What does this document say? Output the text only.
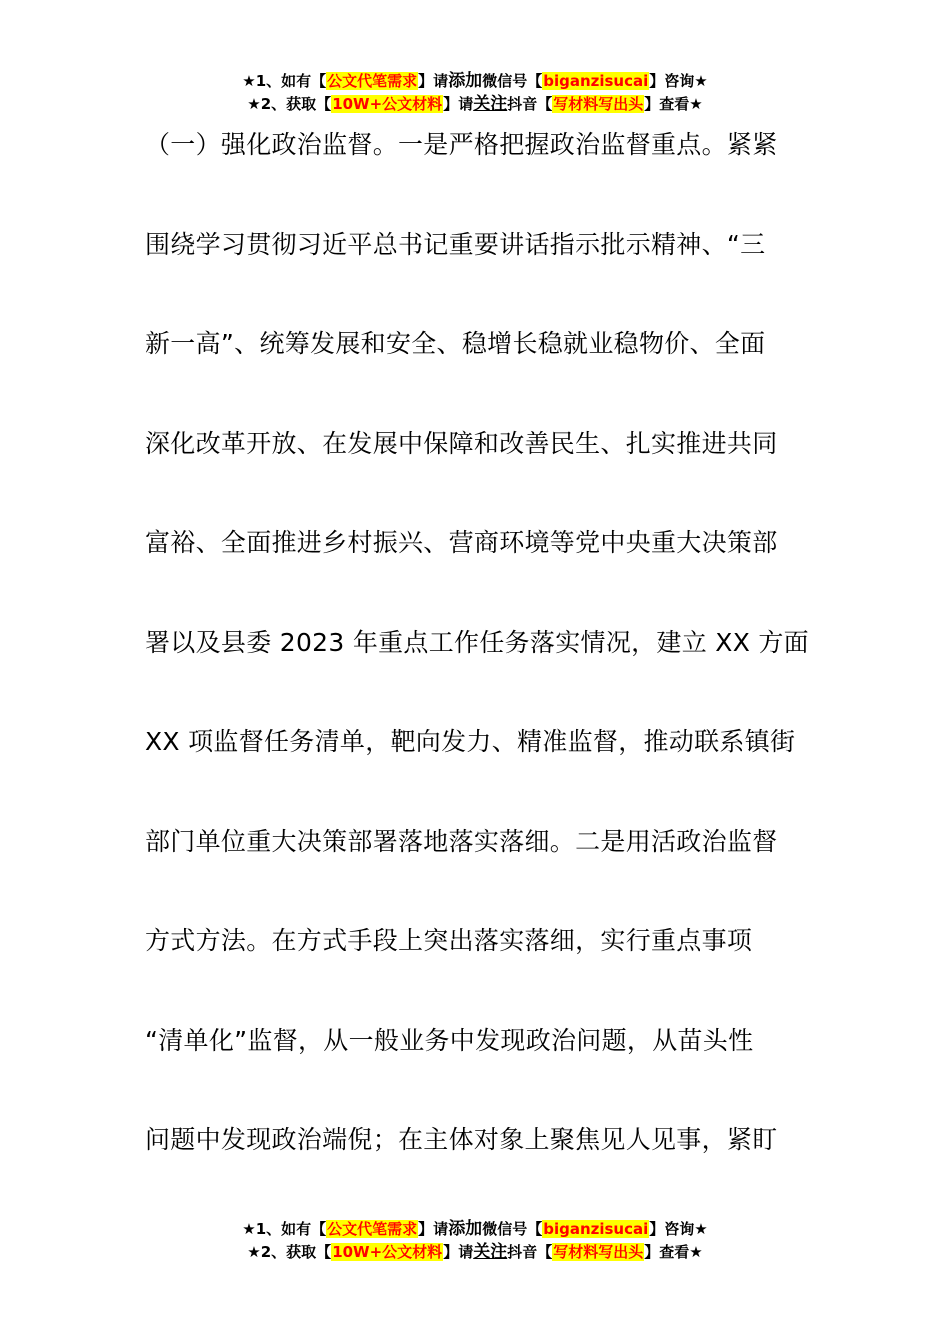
★1、如有【公文代笔需求】请添加微信号【biganzisucai】咨询★
★2、获取【10W+公文材料】请关注抖音【写材料写出头】查看★
（一）强化政治监督。一是严格把握政治监督重点。紧紧
围绕学习贯彻习近平总书记重要讲话指示批示精神、“三
新一高”、统筹发展和安全、稳增长稳就业稳物价、全面
深化改革开放、在发展中保障和改善民生、扎实推进共同
富裕、全面推进乡村振兴、营商环境等党中央重大决策部
署以及县委 2023 年重点工作任务落实情况，建立 XX 方面
XX 项监督任务清单，靶向发力、精准监督，推动联系镇街
部门单位重大决策部署落地落实落细。二是用活政治监督
方式方法。在方式手段上突出落实落细，实行重点事项
“清单化”监督，从一般业务中发现政治问题，从苗头性
问题中发现政治端倪；在主体对象上聚焦见人见事，紧盯
★1、如有【公文代笔需求】请添加微信号【biganzisucai】咨询★
★2、获取【10W+公文材料】请关注抖音【写材料写出头】查看★
